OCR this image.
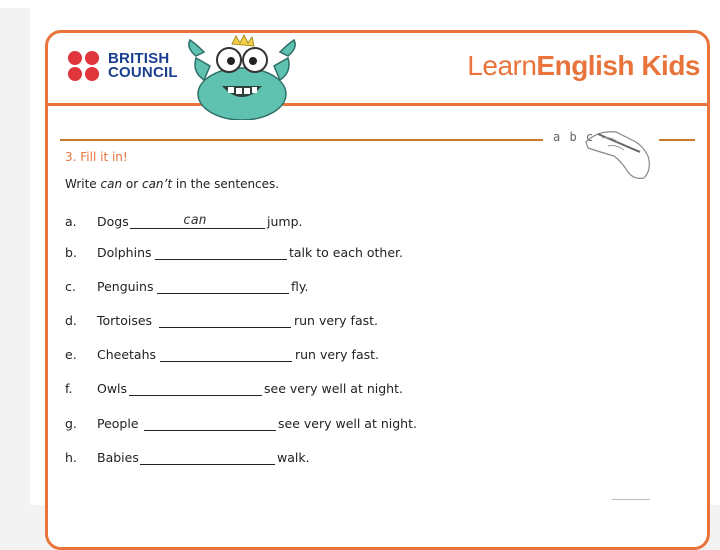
BRITISH
COUNCIL	LearnEnglish Kids
a b c
3. Fill it in!
Write can or can’t in the sentences.
a.	Dogs	can	jump.
b.	Dolphins	talk to each other.
c.	Penguins	fly.
d.	Tortoises	run very fast.
e.	Cheetahs	run very fast.
f.	Owls	see very well at night.
g.	People	see very well at night.
h.	Babies	walk.
